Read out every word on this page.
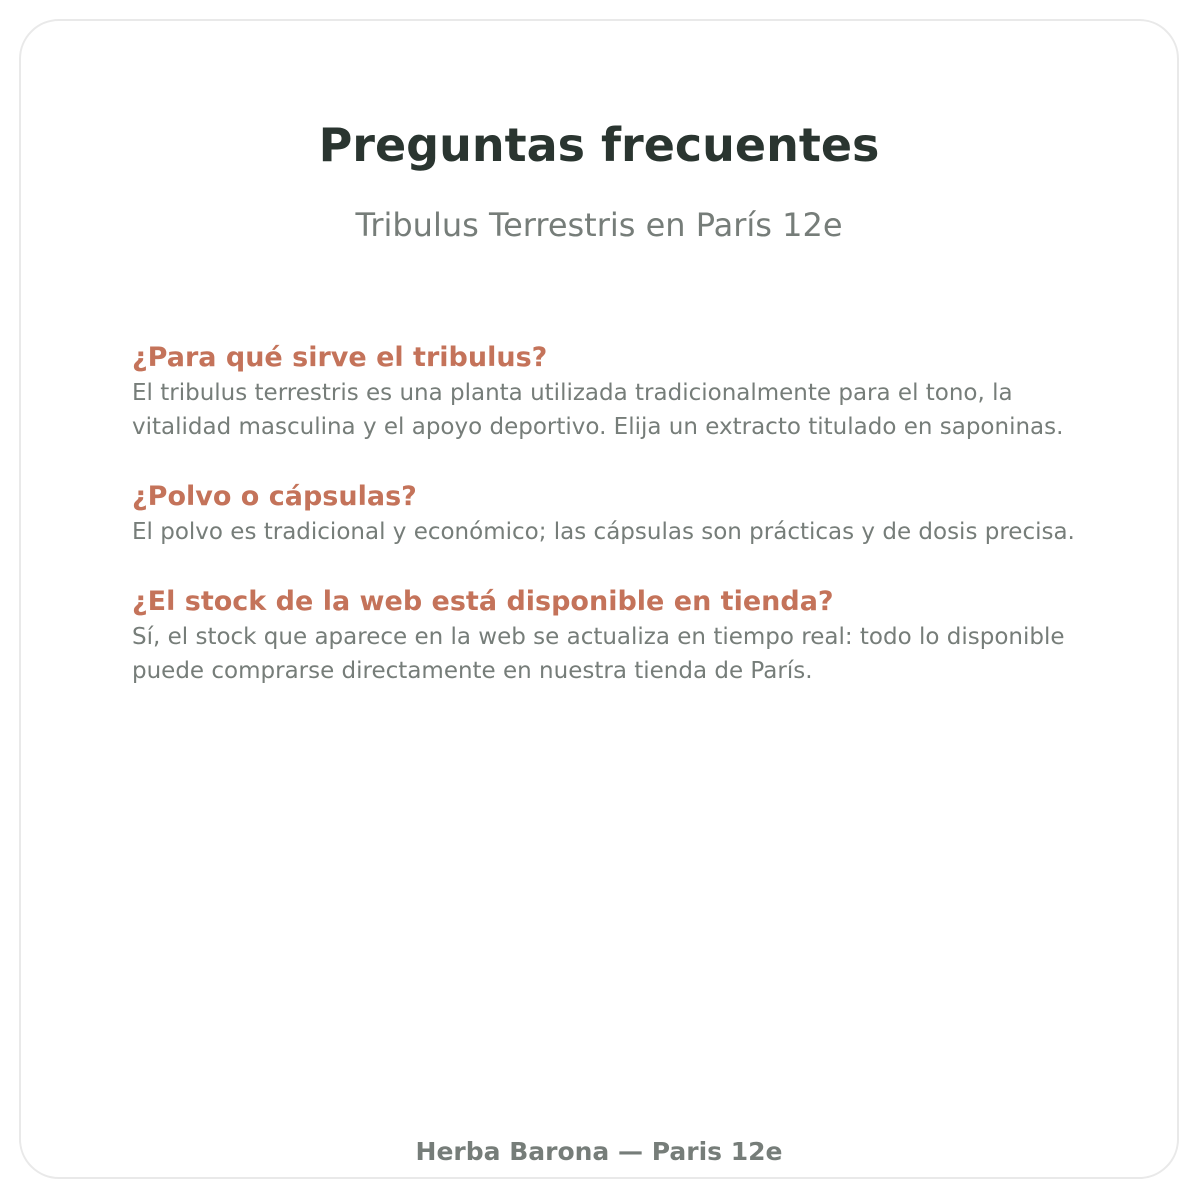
Preguntas frecuentes
Tribulus Terrestris en París 12e
¿Para qué sirve el tribulus?

El tribulus terrestris es una planta utilizada tradicionalmente para el tono, la vitalidad masculina y el apoyo deportivo. Elija un extracto titulado en saponinas.

¿Polvo o cápsulas?

El polvo es tradicional y económico; las cápsulas son prácticas y de dosis precisa.

¿El stock de la web está disponible en tienda?

Sí, el stock que aparece en la web se actualiza en tiempo real: todo lo disponible puede comprarse directamente en nuestra tienda de París.

Herba Barona — Paris 12e
